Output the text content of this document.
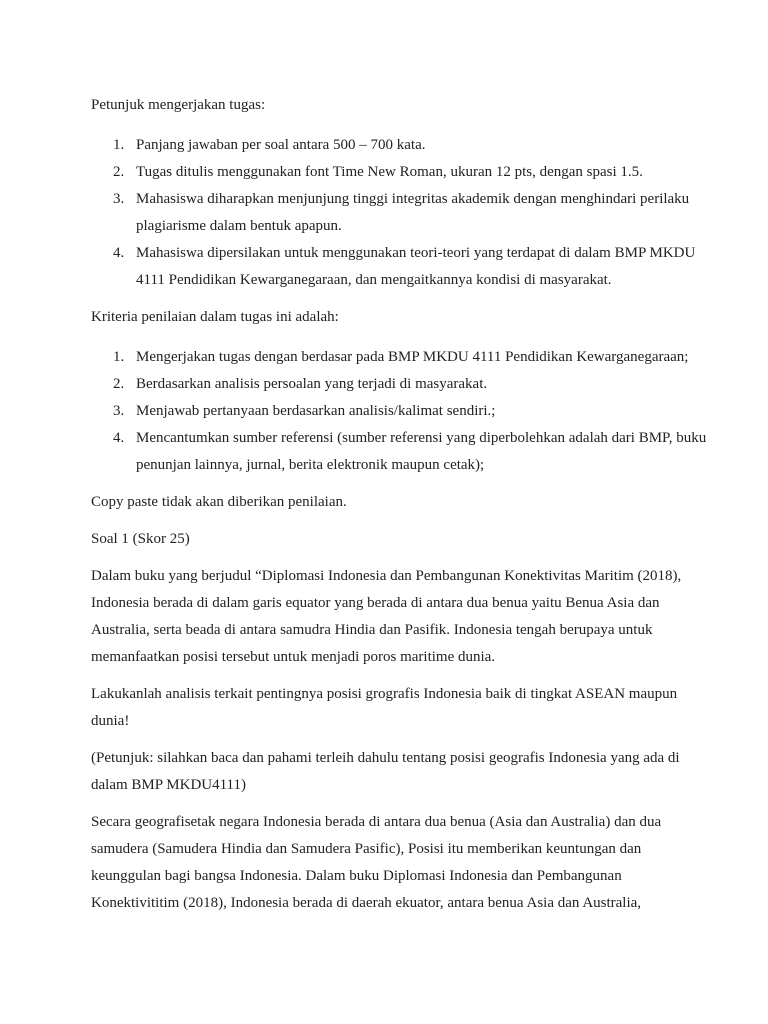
Petunjuk mengerjakan tugas:

1. Panjang jawaban per soal antara 500 – 700 kata.
2. Tugas ditulis menggunakan font Time New Roman, ukuran 12 pts, dengan spasi 1.5.
3. Mahasiswa diharapkan menjunjung tinggi integritas akademik dengan menghindari perilaku plagiarisme dalam bentuk apapun.
4. Mahasiswa dipersilakan untuk menggunakan teori-teori yang terdapat di dalam BMP MKDU 4111 Pendidikan Kewarganegaraan, dan mengaitkannya kondisi di masyarakat.

Kriteria penilaian dalam tugas ini adalah:

1. Mengerjakan tugas dengan berdasar pada BMP MKDU 4111 Pendidikan Kewarganegaraan;
2. Berdasarkan analisis persoalan yang terjadi di masyarakat.
3. Menjawab pertanyaan berdasarkan analisis/kalimat sendiri.;
4. Mencantumkan sumber referensi (sumber referensi yang diperbolehkan adalah dari BMP, buku penunjan lainnya, jurnal, berita elektronik maupun cetak);

Copy paste tidak akan diberikan penilaian.

Soal 1 (Skor 25)

Dalam buku yang berjudul “Diplomasi Indonesia dan Pembangunan Konektivitas Maritim (2018), Indonesia berada di dalam garis equator yang berada di antara dua benua yaitu Benua Asia dan Australia, serta beada di antara samudra Hindia dan Pasifik. Indonesia tengah berupaya untuk memanfaatkan posisi tersebut untuk menjadi poros maritime dunia.

Lakukanlah analisis terkait pentingnya posisi grografis Indonesia baik di tingkat ASEAN maupun dunia!

(Petunjuk: silahkan baca dan pahami terleih dahulu tentang posisi geografis Indonesia yang ada di dalam BMP MKDU4111)

Secara geografisetak negara Indonesia berada di antara dua benua (Asia dan Australia) dan dua samudera (Samudera Hindia dan Samudera Pasific), Posisi itu memberikan keuntungan dan keunggulan bagi bangsa Indonesia. Dalam buku Diplomasi Indonesia dan Pembangunan Konektivititim (2018), Indonesia berada di daerah ekuator, antara benua Asia dan Australia,
